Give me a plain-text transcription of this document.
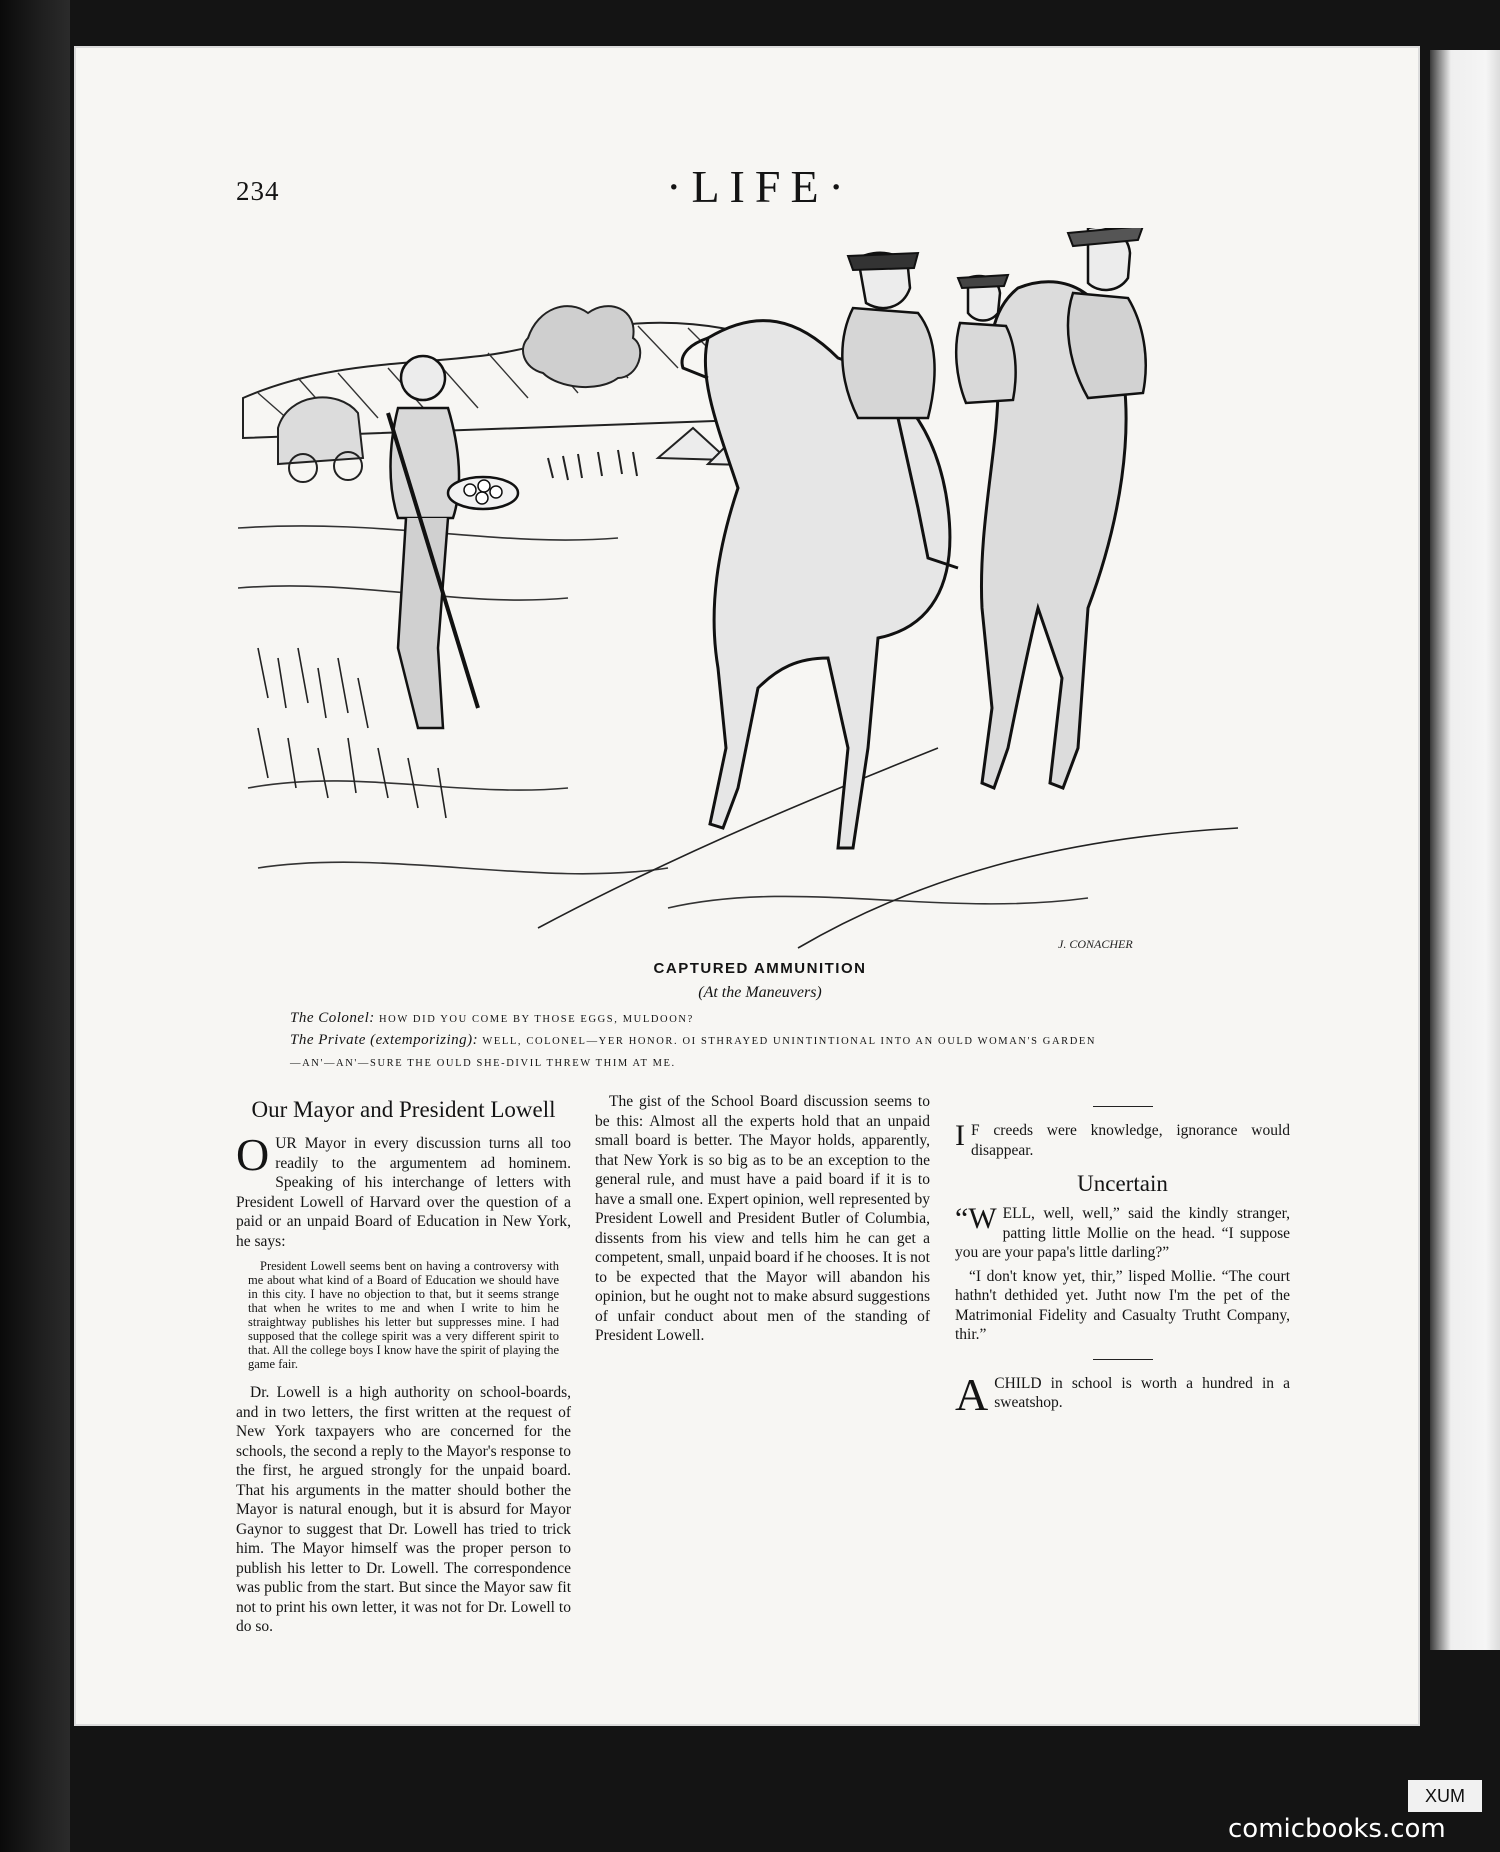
234	·LIFE·
J. CONACHER
CAPTURED AMMUNITION
(At the Maneuvers)
The Colonel: HOW DID YOU COME BY THOSE EGGS, MULDOON?
The Private (extemporizing): WELL, COLONEL—YER HONOR. OI STHRAYED UNINTINTIONAL INTO AN OULD WOMAN'S GARDEN
—AN'—AN'—SURE THE OULD SHE-DIVIL THREW THIM AT ME.
Our Mayor and President Lowell

OUR Mayor in every discussion turns all too readily to the argumentem ad hominem. Speaking of his interchange of letters with President Lowell of Harvard over the question of a paid or an unpaid Board of Education in New York, he says:

President Lowell seems bent on having a controversy with me about what kind of a Board of Education we should have in this city. I have no objection to that, but it seems strange that when he writes to me and when I write to him he straightway publishes his letter but suppresses mine. I had supposed that the college spirit was a very different spirit to that. All the college boys I know have the spirit of playing the game fair.

Dr. Lowell is a high authority on school-boards, and in two letters, the first written at the request of New York taxpayers who are concerned for the schools, the second a reply to the Mayor's response to the first, he argued strongly for the unpaid board. That his arguments in the matter should bother the Mayor is natural enough, but it is absurd for Mayor Gaynor to suggest that Dr. Lowell has tried to trick him. The Mayor himself was the proper person to publish his letter to Dr. Lowell. The correspondence was public from the start. But since the Mayor saw fit not to print his own letter, it was not for Dr. Lowell to do so.

The gist of the School Board discussion seems to be this: Almost all the experts hold that an unpaid small board is better. The Mayor holds, apparently, that New York is so big as to be an exception to the general rule, and must have a paid board if it is to have a small one. Expert opinion, well represented by President Lowell and President Butler of Columbia, dissents from his view and tells him he can get a competent, small, unpaid board if he chooses. It is not to be expected that the Mayor will abandon his opinion, but he ought not to make absurd suggestions of unfair conduct about men of the standing of President Lowell.

I F creeds were knowledge, ignorance would disappear.

Uncertain

“WELL, well, well,” said the kindly stranger, patting little Mollie on the head. “I suppose you are your papa's little darling?”

“I don't know yet, thir,” lisped Mollie. “The court hathn't dethided yet. Jutht now I'm the pet of the Matrimonial Fidelity and Casualty Trutht Company, thir.”

ACHILD in school is worth a hundred in a sweatshop.

XUM
comicbooks.com
